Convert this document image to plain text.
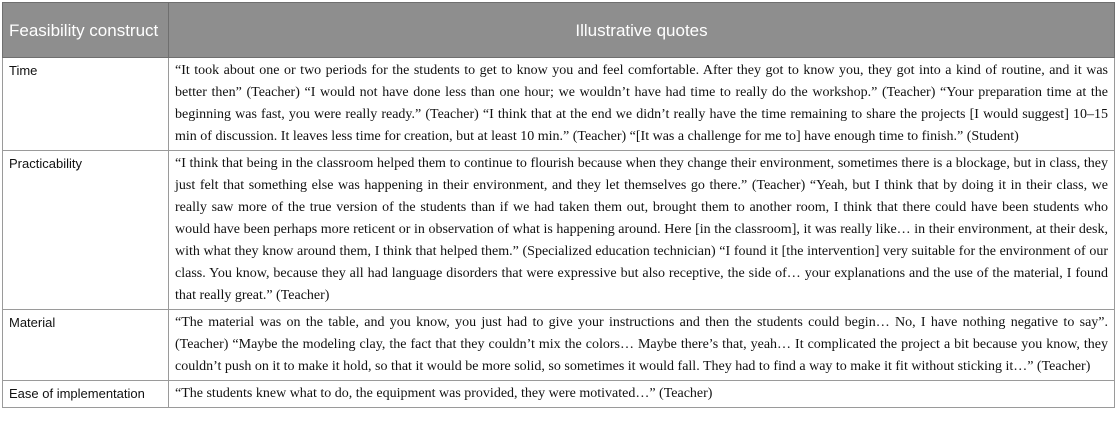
Feasibility construct	Illustrative quotes
Time	“It took about one or two periods for the students to get to know you and feel comfortable. After they got to know you, they got into a kind of routine, and it was better then” (Teacher) “I would not have done less than one hour; we wouldn’t have had time to really do the workshop.” (Teacher) “Your preparation time at the beginning was fast, you were really ready.” (Teacher) “I think that at the end we didn’t really have the time remaining to share the projects [I would suggest] 10–15 min of discussion. It leaves less time for creation, but at least 10 min.” (Teacher) “[It was a challenge for me to] have enough time to finish.” (Student)
Practicability	“I think that being in the classroom helped them to continue to flourish because when they change their environment, sometimes there is a blockage, but in class, they just felt that something else was happening in their environment, and they let themselves go there.” (Teacher) “Yeah, but I think that by doing it in their class, we really saw more of the true version of the students than if we had taken them out, brought them to another room, I think that there could have been students who would have been perhaps more reticent or in observation of what is happening around. Here [in the classroom], it was really like… in their environment, at their desk, with what they know around them, I think that helped them.” (Specialized education technician) “I found it [the intervention] very suitable for the environment of our class. You know, because they all had language disorders that were expressive but also receptive, the side of… your explanations and the use of the material, I found that really great.” (Teacher)
Material	“The material was on the table, and you know, you just had to give your instructions and then the students could begin… No, I have nothing negative to say”. (Teacher) “Maybe the modeling clay, the fact that they couldn’t mix the colors… Maybe there’s that, yeah… It complicated the project a bit because you know, they couldn’t push on it to make it hold, so that it would be more solid, so sometimes it would fall. They had to find a way to make it fit without sticking it…” (Teacher)
Ease of implementation	“The students knew what to do, the equipment was provided, they were motivated…” (Teacher)
